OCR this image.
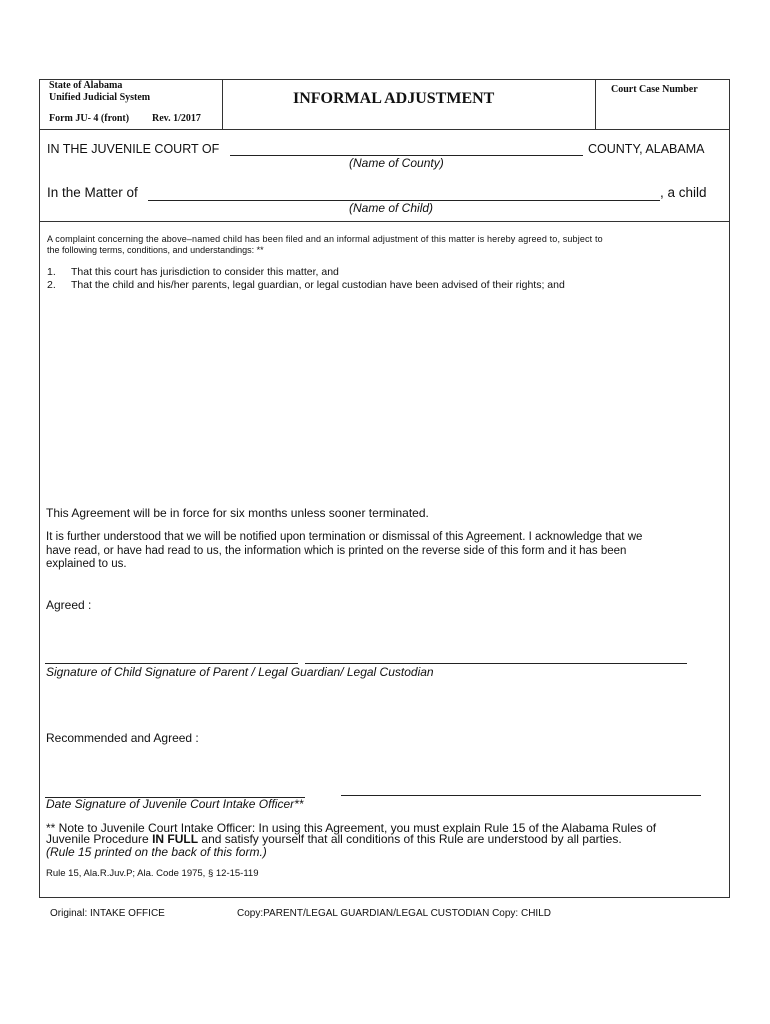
State of Alabama
Unified Judicial System
Form JU- 4 (front) Rev. 1/2017
INFORMAL ADJUSTMENT
Court Case Number
IN THE JUVENILE COURT OF	COUNTY, ALABAMA
(Name of County)
In the Matter of	, a child
(Name of Child)
A complaint concerning the above–named child has been filed and an informal adjustment of this matter is hereby agreed to, subject to
the following terms, conditions, and understandings: **
1. That this court has jurisdiction to consider this matter, and
2. That the child and his/her parents, legal guardian, or legal custodian have been advised of their rights; and
This Agreement will be in force for six months unless sooner terminated.
It is further understood that we will be notified upon termination or dismissal of this Agreement. I acknowledge that we
have read, or have had read to us, the information which is printed on the reverse side of this form and it has been
explained to us.
Agreed :
Signature of Child Signature of Parent / Legal Guardian/ Legal Custodian
Recommended and Agreed :
Date Signature of Juvenile Court Intake Officer**
** Note to Juvenile Court Intake Officer: In using this Agreement, you must explain Rule 15 of the Alabama Rules of
Juvenile Procedure IN FULL and satisfy yourself that all conditions of this Rule are understood by all parties.
(Rule 15 printed on the back of this form.)
Rule 15, Ala.R.Juv.P; Ala. Code 1975, § 12-15-119
Original: INTAKE OFFICE	Copy:PARENT/LEGAL GUARDIAN/LEGAL CUSTODIAN Copy: CHILD
